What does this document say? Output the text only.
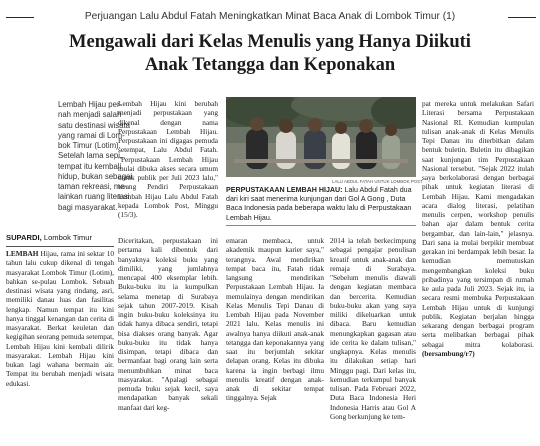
Perjuangan Lalu Abdul Fatah Meningkatkan Minat Baca Anak di Lombok Timur (1)
Mengawali dari Kelas Menulis yang Hanya Diikuti
Anak Tetangga dan Keponakan
Lembah Hijau per-
nah menjadi salah
satu destinasi wisata
yang ramai di Lom-
bok Timur (Lotim).
Setelah lama sepi,
tempat itu kembali
hidup, bukan sebagai
taman rekreasi, me-
lainkan ruang literasi
bagi masyarakat.
SUPARDI, Lombok Timur

LEMBAH Hijau, rama ini sektar 10 tahun lalu cukup dikenal di tengah masyarakat Lombok Timur (Lotim), bahkan se-pulau Lombok. Sebuah destinasi wisata yang rindang, asri, memiliki danau luas dan fasilitas lengkap. Namun tempat itu kini hanya tinggal kenangan dan cerita di masyarakat. Berkat keuletan dan kegigihan seorang pemuda setempat, Lembah Hijau kini kembali dilirik masyarakat. Lembah Hijau kini bukan lagi wahana bermain air. Tempat itu berubah menjadi wisata edukasi.

Lembah Hijau kini berubah menjadi perpustakaan yang dikenal dengan nama Perpustakaan Lembah Hijau. Perpustakaan ini digagas pemuda setempat, Lalu Abdul Fatah. "Perpustakaan Lembah Hijau mulai dibuka akses secara umum untuk publik per Juli 2023 lalu," terang Pendiri Perpustakaan Lembah Hijau Lalu Abdul Fatah kepada Lombok Post, Minggu (15/3).

Diceritakan, perpustakaan ini pertama kali dibentuk dari banyaknya koleksi buku yang dimiliki, yang jumlahnya mencapai 400 eksemplar lebih. Buku-buku itu ia kumpulkan selama menetap di Surabaya sejak tahun 2007-2019. Kisah ingin buku-buku koleksinya itu tidak hanya dibaca sendiri, tetapi bisa diakses orang banyak. Agar buku-buku itu tidak hanya disimpan, tetapi dibaca dan bermanfaat bagi orang lain serta menumbuhkan minat baca masyarakat. "Apalagi sebagai pemuda buku sejak kecil, saya mendapatkan banyak sekali manfaat dari keg-

LALU ABDUL FATAH UNTUK LOMBOK POST
PERPUSTAKAAN LEMBAH HIJAU: Lalu Abdul Fatah dua dari kiri saat menerima kunjungan dari Gol A Gong , Duta Baca Indonesia pada beberapa waktu lalu di Perpustakaan Lembah Hijau.

emaran membaca, untuk akademik maupun karier saya," terangnya. Awal mendirikan tempat baca itu, Fatah tidak langsung mendirikan Perpustakaan Lembah Hijau. Ia memulainya dengan mendirikan Kelas Menulis Tepi Danau di Lembah Hijau pada November 2021 lalu. Kelas menulis ini awalnya hanya diikuti anak-anak tetangga dan keponakannya yang saat itu berjumlah sekitar delapan orang. Kelas itu dibuka karena ia ingin berbagi ilmu menulis kreatif dengan anak-anak di sekitar tempat tinggalnya. Sejak

2014 ia telah berkecimpung sebagai pengajar penulisan kreatif untuk anak-anak dan remaja di Surabaya. "Sebelum menulis diawali dengan kegiatan membaca dan bercerita. Kemudian buku-buku akan yang saya miliki dikeluarkan untuk dibaca. Baru kemudian menungkapkan gagasan atau ide cerita ke dalam tulisan," ungkapnya. Kelas menulis itu dilakukan setiap hari Minggu pagi. Dari kelas itu, kemudian terkumpul banyak tulisan. Pada Februari 2022, Duta Baca Indonesia Heri Indonesia Harris atau Gol A Gong berkunjung ke tem-

pat mereka untuk melakukan Safari Literasi bersama Perpustakaan Nasional RI. Kemudian kumpulan tulisan anak-anak di Kelas Menulis Tepi Danau itu diterbitkan dalam bentuk buletin. Buletin itu dibagikan saat kunjungan tim Perpustakaan Nasional tersebut. "Sejak 2022 itulah saya berkolaborasi dengan berbagai pihak untuk kegiatan literasi di Lembah Hijau. Kami mengadakan acara dialog literasi, pelatihan menulis cerpen, workshop penulis bahan ajar dalam bentuk cerita bergambar, dan lain-lain," jelasnya. Dari sana ia mulai berpikir membuat gerakan ini berdampak lebih besar. Ia kemudian memutuskan mengembangkan koleksi buku pribadinya yang tersimpan di rumah ke aula pada Juli 2023. Sejak itu, ia secara resmi membuka Perpustakaan Lembah Hijau untuk di kunjungi publik. Kegiatan berjalan hingga sekarang dengan berbagai program serta melibatkan berbagai pihak sebagai mitra kolaborasi. (bersambung/r7)
